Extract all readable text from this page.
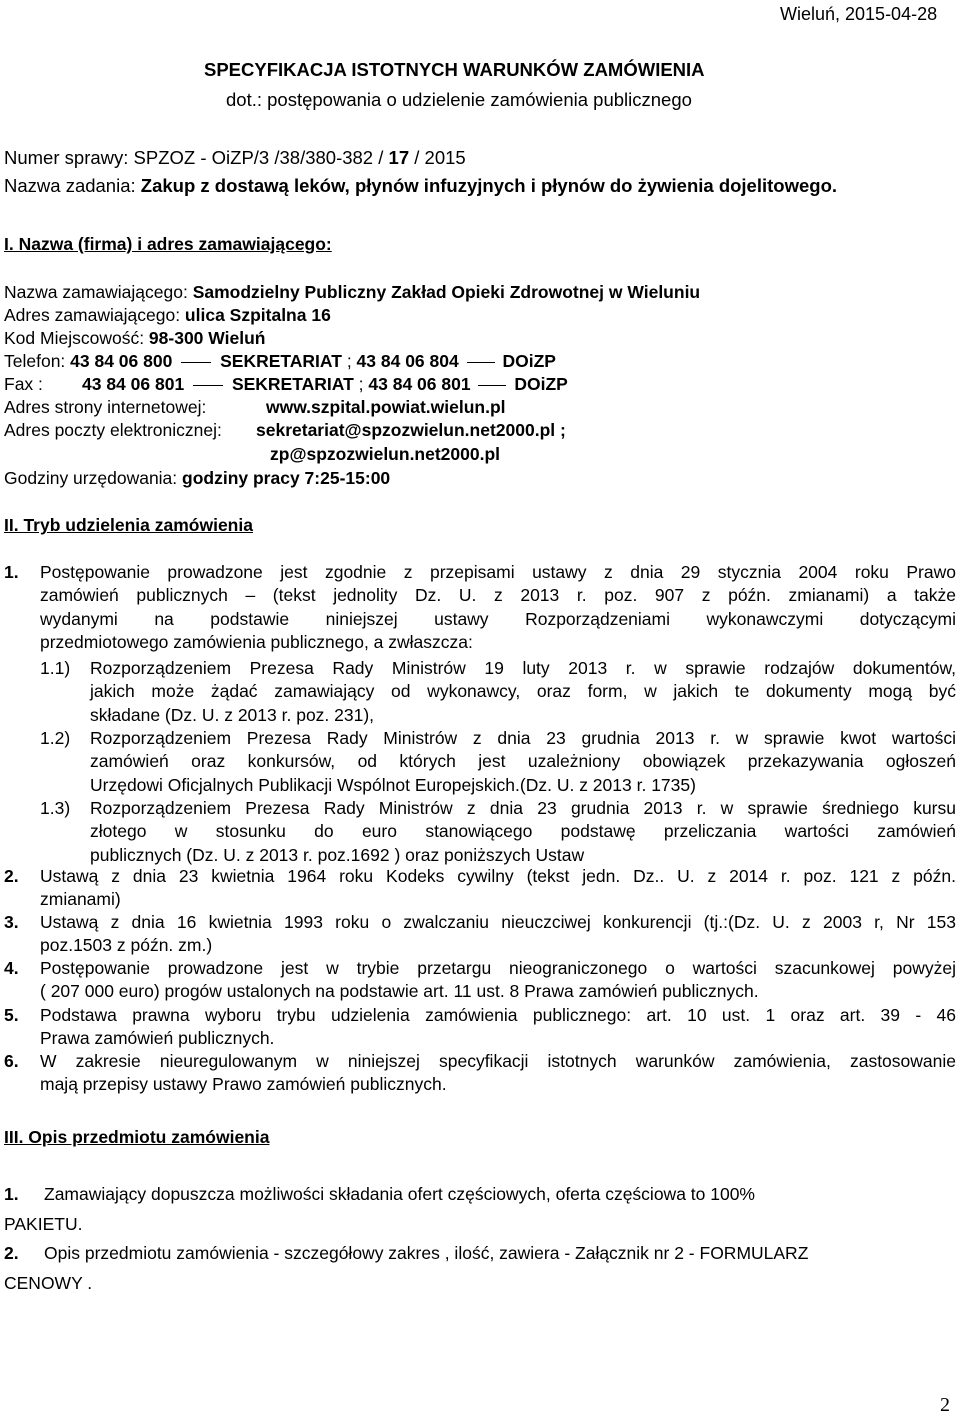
Wieluń, 2015-04-28
SPECYFIKACJA ISTOTNYCH WARUNKÓW ZAMÓWIENIA
dot.: postępowania o udzielenie zamówienia publicznego
Numer sprawy: SPZOZ - OiZP/3 /38/380-382 / 17 / 2015
Nazwa zadania: Zakup z dostawą leków, płynów infuzyjnych i płynów do żywienia dojelitowego.
I. Nazwa (firma) i adres zamawiającego:
Nazwa zamawiającego: Samodzielny Publiczny Zakład Opieki Zdrowotnej w Wieluniu
Adres zamawiającego: ulica Szpitalna 16
Kod Miejscowość: 98-300 Wieluń
Telefon: 43 84 06 800	SEKRETARIAT ; 43 84 06 804	DOiZP
Fax : 43 84 06 801	SEKRETARIAT ; 43 84 06 801	DOiZP
Adres strony internetowej:	www.szpital.powiat.wielun.pl
Adres poczty elektronicznej: sekretariat@spzozwielun.net2000.pl ;
zp@spzozwielun.net2000.pl
Godziny urzędowania: godziny pracy 7:25-15:00
II. Tryb udzielenia zamówienia
1. Postępowanie prowadzone jest zgodnie z przepisami ustawy z dnia 29 stycznia 2004 roku Prawo
zamówień publicznych – (tekst jednolity Dz. U. z 2013 r. poz. 907 z późn. zmianami) a także
wydanymi na podstawie niniejszej ustawy Rozporządzeniami wykonawczymi dotyczącymi
przedmiotowego zamówienia publicznego, a zwłaszcza:
1.1) Rozporządzeniem Prezesa Rady Ministrów 19 luty 2013 r. w sprawie rodzajów dokumentów,
jakich może żądać zamawiający od wykonawcy, oraz form, w jakich te dokumenty mogą być
składane (Dz. U. z 2013 r. poz. 231),
1.2) Rozporządzeniem Prezesa Rady Ministrów z dnia 23 grudnia 2013 r. w sprawie kwot wartości
zamówień oraz konkursów, od których jest uzależniony obowiązek przekazywania ogłoszeń
Urzędowi Oficjalnych Publikacji Wspólnot Europejskich.(Dz. U. z 2013 r. 1735)
1.3) Rozporządzeniem Prezesa Rady Ministrów z dnia 23 grudnia 2013 r. w sprawie średniego kursu
złotego w stosunku do euro stanowiącego podstawę przeliczania wartości zamówień
publicznych (Dz. U. z 2013 r. poz.1692 ) oraz poniższych Ustaw
2. Ustawą z dnia 23 kwietnia 1964 roku Kodeks cywilny (tekst jedn. Dz.. U. z 2014 r. poz. 121 z późn.
zmianami)
3. Ustawą z dnia 16 kwietnia 1993 roku o zwalczaniu nieuczciwej konkurencji (tj.:(Dz. U. z 2003 r, Nr 153
poz.1503 z późn. zm.)
4. Postępowanie prowadzone jest w trybie przetargu nieograniczonego o wartości szacunkowej powyżej
( 207 000 euro) progów ustalonych na podstawie art. 11 ust. 8 Prawa zamówień publicznych.
5. Podstawa prawna wyboru trybu udzielenia zamówienia publicznego: art. 10 ust. 1 oraz art. 39 - 46
Prawa zamówień publicznych.
6. W zakresie nieuregulowanym w niniejszej specyfikacji istotnych warunków zamówienia, zastosowanie
mają przepisy ustawy Prawo zamówień publicznych.
III. Opis przedmiotu zamówienia
1. Zamawiający dopuszcza możliwości składania ofert częściowych, oferta częściowa to 100%
PAKIETU.
2. Opis przedmiotu zamówienia - szczegółowy zakres , ilość, zawiera - Załącznik nr 2 - FORMULARZ
CENOWY .
2
